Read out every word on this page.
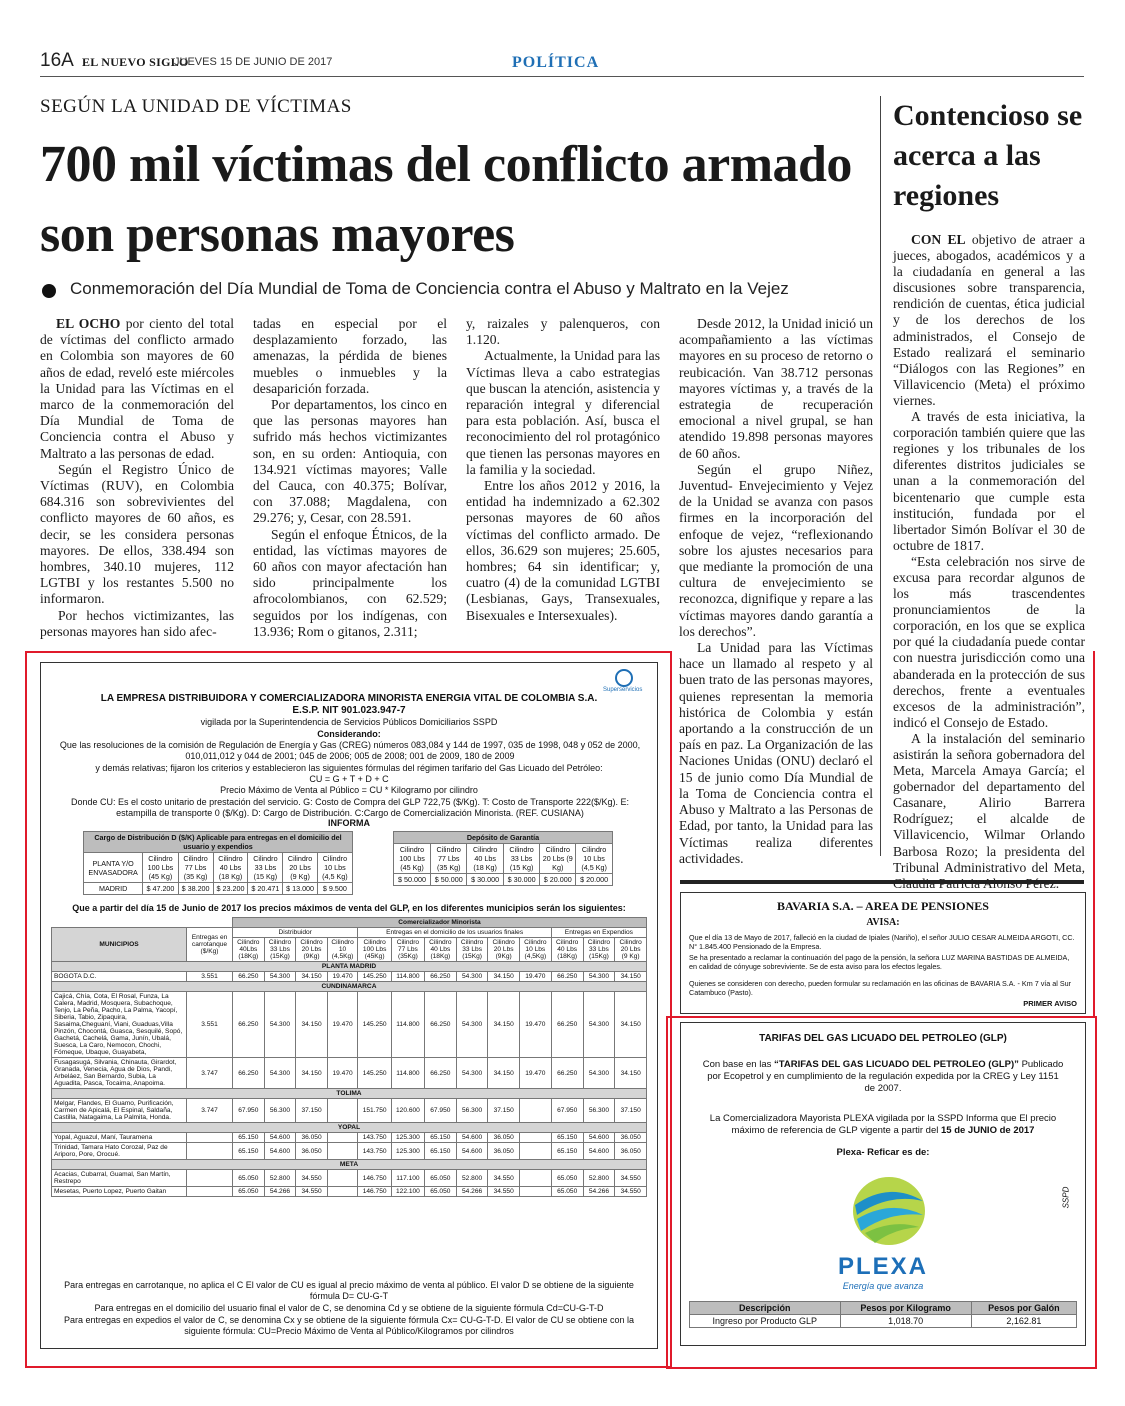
16A EL NUEVO SIGLO
JUEVES 15 DE JUNIO DE 2017	POLÍTICA
SEGÚN LA UNIDAD DE VÍCTIMAS
700 mil víctimas del conflicto armado son personas mayores
Conmemoración del Día Mundial de Toma de Conciencia contra el Abuso y Maltrato en la Vejez

EL OCHO por ciento del total de víctimas del conflicto armado en Colombia son mayores de 60 años de edad, reveló este miércoles la Unidad para las Víctimas en el marco de la conmemoración del Día Mundial de Toma de Conciencia contra el Abuso y Maltrato a las personas de edad.

Según el Registro Único de Víctimas (RUV), en Colombia 684.316 son sobrevivientes del conflicto mayores de 60 años, es decir, se les considera personas mayores. De ellos, 338.494 son hombres, 340.10 mujeres, 112 LGTBI y los restantes 5.500 no informaron.

Por hechos victimizantes, las personas mayores han sido afec-

tadas en especial por el desplazamiento forzado, las amenazas, la pérdida de bienes muebles o inmuebles y la desaparición forzada.

Por departamentos, los cinco en que las personas mayores han sufrido más hechos victimizantes son, en su orden: Antioquia, con 134.921 víctimas mayores; Valle del Cauca, con 40.375; Bolívar, con 37.088; Magdalena, con 29.276; y, Cesar, con 28.591.

Según el enfoque Étnicos, de la entidad, las víctimas mayores de 60 años con mayor afectación han sido principalmente los afrocolombianos, con 62.529; seguidos por los indígenas, con 13.936; Rom o gitanos, 2.311;

y, raizales y palenqueros, con 1.120.

Actualmente, la Unidad para las Víctimas lleva a cabo estrategias que buscan la atención, asistencia y reparación integral y diferencial para esta población. Así, busca el reconocimiento del rol protagónico que tienen las personas mayores en la familia y la sociedad.

Entre los años 2012 y 2016, la entidad ha indemnizado a 62.302 personas mayores de 60 años víctimas del conflicto armado. De ellos, 36.629 son mujeres; 25.605, hombres; 64 sin identificar; y, cuatro (4) de la comunidad LGTBI (Lesbianas, Gays, Transexuales, Bisexuales e Intersexuales).

Desde 2012, la Unidad inició un acompañamiento a las víctimas mayores en su proceso de retorno o reubicación. Van 38.712 personas mayores víctimas y, a través de la estrategia de recuperación emocional a nivel grupal, se han atendido 19.898 personas mayores de 60 años.

Según el grupo Niñez, Juventud- Envejecimiento y Vejez de la Unidad se avanza con pasos firmes en la incorporación del enfoque de vejez, “reflexionando sobre los ajustes necesarios para que mediante la promoción de una cultura de envejecimiento se reconozca, dignifique y repare a las víctimas mayores dando garantía a los derechos”.

La Unidad para las Víctimas hace un llamado al respeto y al buen trato de las personas mayores, quienes representan la memoria histórica de Colombia y están aportando a la construcción de un país en paz. La Organización de las Naciones Unidas (ONU) declaró el 15 de junio como Día Mundial de la Toma de Conciencia contra el Abuso y Maltrato a las Personas de Edad, por tanto, la Unidad para las Víctimas realiza diferentes actividades.

Contencioso se acerca a las regiones

CON EL objetivo de atraer a jueces, abogados, académicos y a la ciudadanía en general a las discusiones sobre transparencia, rendición de cuentas, ética judicial y de los derechos de los administrados, el Consejo de Estado realizará el seminario “Diálogos con las Regiones” en Villavicencio (Meta) el próximo viernes.

A través de esta iniciativa, la corporación también quiere que las regiones y los tribunales de los diferentes distritos judiciales se unan a la conmemoración del bicentenario que cumple esta institución, fundada por el libertador Simón Bolívar el 30 de octubre de 1817.

“Esta celebración nos sirve de excusa para recordar algunos de los más trascendentes pronunciamientos de la corporación, en los que se explica por qué la ciudadanía puede contar con nuestra jurisdicción como una abanderada en la protección de sus derechos, frente a eventuales excesos de la administración”, indicó el Consejo de Estado.

A la instalación del seminario asistirán la señora gobernadora del Meta, Marcela Amaya García; el gobernador del departamento del Casanare, Alirio Barrera Rodríguez; el alcalde de Villavicencio, Wilmar Orlando Barbosa Rozo; la presidenta del Tribunal Administrativo del Meta,

Superservicios
LA EMPRESA DISTRIBUIDORA Y COMERCIALIZADORA MINORISTA ENERGIA VITAL DE COLOMBIA S.A.
E.S.P. NIT 901.023.947-7
vigilada por la Superintendencia de Servicios Públicos Domiciliarios SSPD
Considerando:
Que las resoluciones de la comisión de Regulación de Energía y Gas (CREG) números 083,084 y 144 de 1997, 035 de 1998, 048 y 052 de 2000, 010,011,012 y 044 de 2001; 045 de 2006; 005 de 2008; 001 de 2009, 180 de 2009
y demás relativas; fijaron los criterios y establecieron las siguientes fórmulas del régimen tarifario del Gas Licuado del Petróleo:
CU = G + T + D + C
Precio Máximo de Venta al Público = CU * Kilogramo por cilindro
Donde CU: Es el costo unitario de prestación del servicio. G: Costo de Compra del GLP 722,75 ($/Kg). T: Costo de Transporte 222($/Kg). E: estampilla de transporte 0 ($/Kg). D: Cargo de Distribución. C:Cargo de Comercialización Minorista. (REF. CUSIANA)
INFORMA
Cargo de Distribución D ($/K) Aplicable para entregas en el domicilio del usuario y expendios						
PLANTA Y/O ENVASADORA	Cilindro 100 Lbs (45 Kg)	Cilindro 77 Lbs (35 Kg)	Cilindro 40 Lbs (18 Kg)	Cilindro 33 Lbs (15 Kg)	Cilindro 20 Lbs (9 Kg)	Cilindro 10 Lbs (4,5 Kg)
MADRID	$ 47.200	$ 38.200	$ 23.200	$ 20.471	$ 13.000	$ 9.500
Depósito de Garantía					
Cilindro 100 Lbs (45 Kg)	Cilindro 77 Lbs (35 Kg)	Cilindro 40 Lbs (18 Kg)	Cilindro 33 Lbs (15 Kg)	Cilindro 20 Lbs (9 Kg)	Cilindro 10 Lbs (4,5 Kg)
$ 50.000	$ 50.000	$ 30.000	$ 30.000	$ 20.000	$ 20.000
Que a partir del día 15 de Junio de 2017 los precios máximos de venta del GLP, en los diferentes municipios serán los siguientes:
		Comercializador Minorista												
MUNICIPIOS	Entregas en carrotanque ($/Kg)	Distribuidor				Entregas en el domicilio de los usuarios finales						Entregas en Expendios		
		Cilindro 40Lbs (18Kg)	Cilindro 33 Lbs (15Kg)	Cilindro 20 Lbs (9Kg)	Cilindro 10 (4,5Kg)	Cilindro 100 Lbs (45Kg)	Cilindro 77 Lbs (35Kg)	Cilindro 40 Lbs (18Kg)	Cilindro 33 Lbs (15Kg)	Cilindro 20 Lbs (9Kg)	Cilindro 10 Lbs (4,5Kg)	Cilindro 40 Lbs (18Kg)	Cilindro 33 Lbs (15Kg)	Cilindro 20 Lbs (9 Kg)
PLANTA MADRID														
BOGOTA D.C.	3.551	66.250	54.300	34.150	19.470	145.250	114.800	66.250	54.300	34.150	19.470	66.250	54.300	34.150
CUNDINAMARCA														
Cajicá, Chía, Cota, El Rosal, Funza, La Calera, Madrid, Mosquera, Subachoque, Tenjo, La Peña, Pacho, La Palma, Yacopí, Siberia, Tabio, Zipaquira, Sasaima,Cheguaní, Viani, Guaduas,Villa Pinzón, Chocontá, Guasca, Sesquilé, Sopó, Gachetá, Cachelá, Gama, Junín, Ubalá, Suesca, La Caro, Nemocon, Chochi, Fómeque, Ubaque, Guayabeta,	3.551	66.250	54.300	34.150	19.470	145.250	114.800	66.250	54.300	34.150	19.470	66.250	54.300	34.150
Fusagasugá, Silvania, Chinauta, Girardot, Granada, Venecia, Agua de Dios, Pandi, Arbeláez, San Bernardo, Subia, La Aguadita, Pasca, Tocaima, Anapoima.	3.747	66.250	54.300	34.150	19.470	145.250	114.800	66.250	54.300	34.150	19.470	66.250	54.300	34.150
TOLIMA														
Melgar, Flandes, El Guamo, Purificación, Carmen de Apicalá, El Espinal, Saldaña, Castilla, Natagaima, La Palmita, Honda.	3.747	67.950	56.300	37.150		151.750	120.600	67.950	56.300	37.150		67.950	56.300	37.150
YOPAL														
Yopal, Aguazul, Maní, Tauramena		65.150	54.600	36.050		143.750	125.300	65.150	54.600	36.050		65.150	54.600	36.050
Trinidad, Tamara Hato Corozal, Paz de Ariporo, Pore, Orocué.		65.150	54.600	36.050		143.750	125.300	65.150	54.600	36.050		65.150	54.600	36.050
META														
Acacias, Cubarral, Guamal, San Martín, Restrepo		65.050	52.800	34.550		146.750	117.100	65.050	52.800	34.550		65.050	52.800	34.550
Mesetas, Puerto Lopez, Puerto Gaitan		65.050	54.266	34.550		146.750	122.100	65.050	54.266	34.550		65.050	54.266	34.550
Para entregas en carrotanque, no aplica el C El valor de CU es igual al precio máximo de venta al público. El valor D se obtiene de la siguiente fórmula D= CU-G-T
Para entregas en el domicilio del usuario final el valor de C, se denomina Cd y se obtiene de la siguiente fórmula Cd=CU-G-T-D
Para entregas en expedios el valor de C, se denomina Cx y se obtiene de la siguiente fórmula Cx= CU-G-T-D. El valor de CU se obtiene con la siguiente fórmula: CU=Precio Máximo de Venta al Público/Kilogramos por cilindros
BAVARIA S.A. – AREA DE PENSIONES
AVISA:
Que el día 13 de Mayo de 2017, falleció en la ciudad de Ipiales (Nariño), el señor JULIO CESAR ALMEIDA ARGOTI, CC. N° 1.845.400 Pensionado de la Empresa.
Se ha presentado a reclamar la continuación del pago de la pensión, la señora LUZ MARINA BASTIDAS DE ALMEIDA, en calidad de cónyuge sobreviviente. Se de esta aviso para los efectos legales.
Quienes se consideren con derecho, pueden formular su reclamación en las oficinas de BAVARIA S.A. - Km 7 vía al Sur Catambuco (Pasto).
PRIMER AVISO
TARIFAS DEL GAS LICUADO DEL PETROLEO (GLP)
Con base en las “TARIFAS DEL GAS LICUADO DEL PETROLEO (GLP)” Publicado por Ecopetrol y en cumplimiento de la regulación expedida por la CREG y Ley 1151 de 2007.
La Comercializadora Mayorista PLEXA vigilada por la SSPD Informa que El precio máximo de referencia de GLP vigente a partir del 15 de JUNIO de 2017
Plexa- Reficar es de:
PLEXA
Energía que avanza
SSPD
Descripción	Pesos por Kilogramo	Pesos por Galón
Ingreso por Producto GLP	1,018.70	2,162.81
